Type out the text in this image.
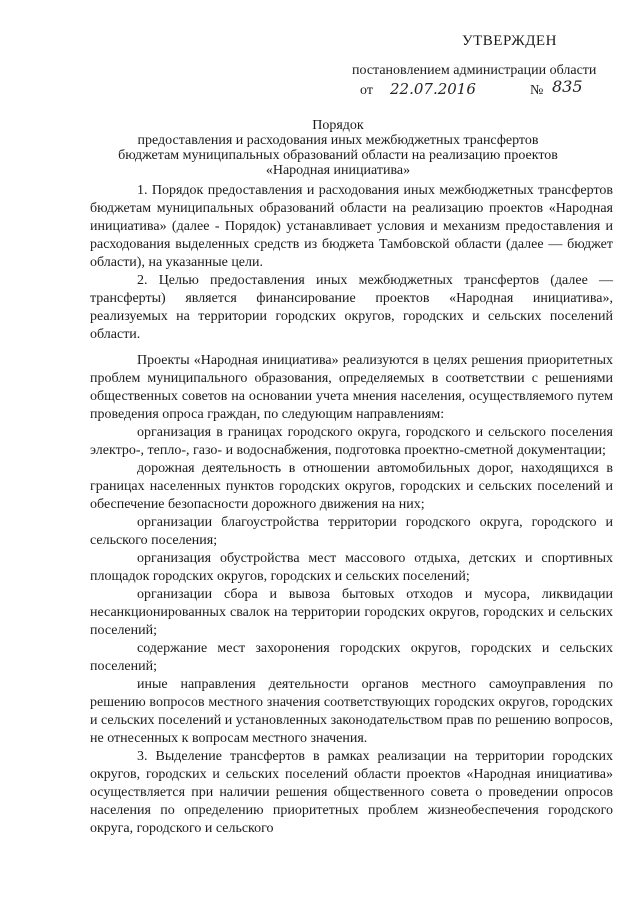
УТВЕРЖДЕН
постановлением администрации области
от 22.07.2016	№ 835
Порядок
предоставления и расходования иных межбюджетных трансфертов
бюджетам муниципальных образований области на реализацию проектов
«Народная инициатива»

1. Порядок предоставления и расходования иных межбюджетных трансфертов бюджетам муниципальных образований области на реализацию проектов «Народная инициатива» (далее - Порядок) устанавливает условия и механизм предоставления и расходования выделенных средств из бюджета Тамбовской области (далее — бюджет области), на указанные цели.

2. Целью предоставления иных межбюджетных трансфертов (далее — трансферты) является финансирование проектов «Народная инициатива», реализуемых на территории городских округов, городских и сельских поселений области.

Проекты «Народная инициатива» реализуются в целях решения приоритетных проблем муниципального образования, определяемых в соответствии с решениями общественных советов на основании учета мнения населения, осуществляемого путем проведения опроса граждан, по следующим направлениям:

организация в границах городского округа, городского и сельского поселения электро-, тепло-, газо- и водоснабжения, подготовка проектно-сметной документации;

дорожная деятельность в отношении автомобильных дорог, находящихся в границах населенных пунктов городских округов, городских и сельских поселений и обеспечение безопасности дорожного движения на них;

организации благоустройства территории городского округа, городского и сельского поселения;

организация обустройства мест массового отдыха, детских и спортивных площадок городских округов, городских и сельских поселений;

организации сбора и вывоза бытовых отходов и мусора, ликвидации несанкционированных свалок на территории городских округов, городских и сельских поселений;

содержание мест захоронения городских округов, городских и сельских поселений;

иные направления деятельности органов местного самоуправления по решению вопросов местного значения соответствующих городских округов, городских и сельских поселений и установленных законодательством прав по решению вопросов, не отнесенных к вопросам местного значения.

3. Выделение трансфертов в рамках реализации на территории городских округов, городских и сельских поселений области проектов «Народная инициатива» осуществляется при наличии решения общественного совета о проведении опросов населения по определению приоритетных проблем жизнеобеспечения городского округа, городского и сельского
